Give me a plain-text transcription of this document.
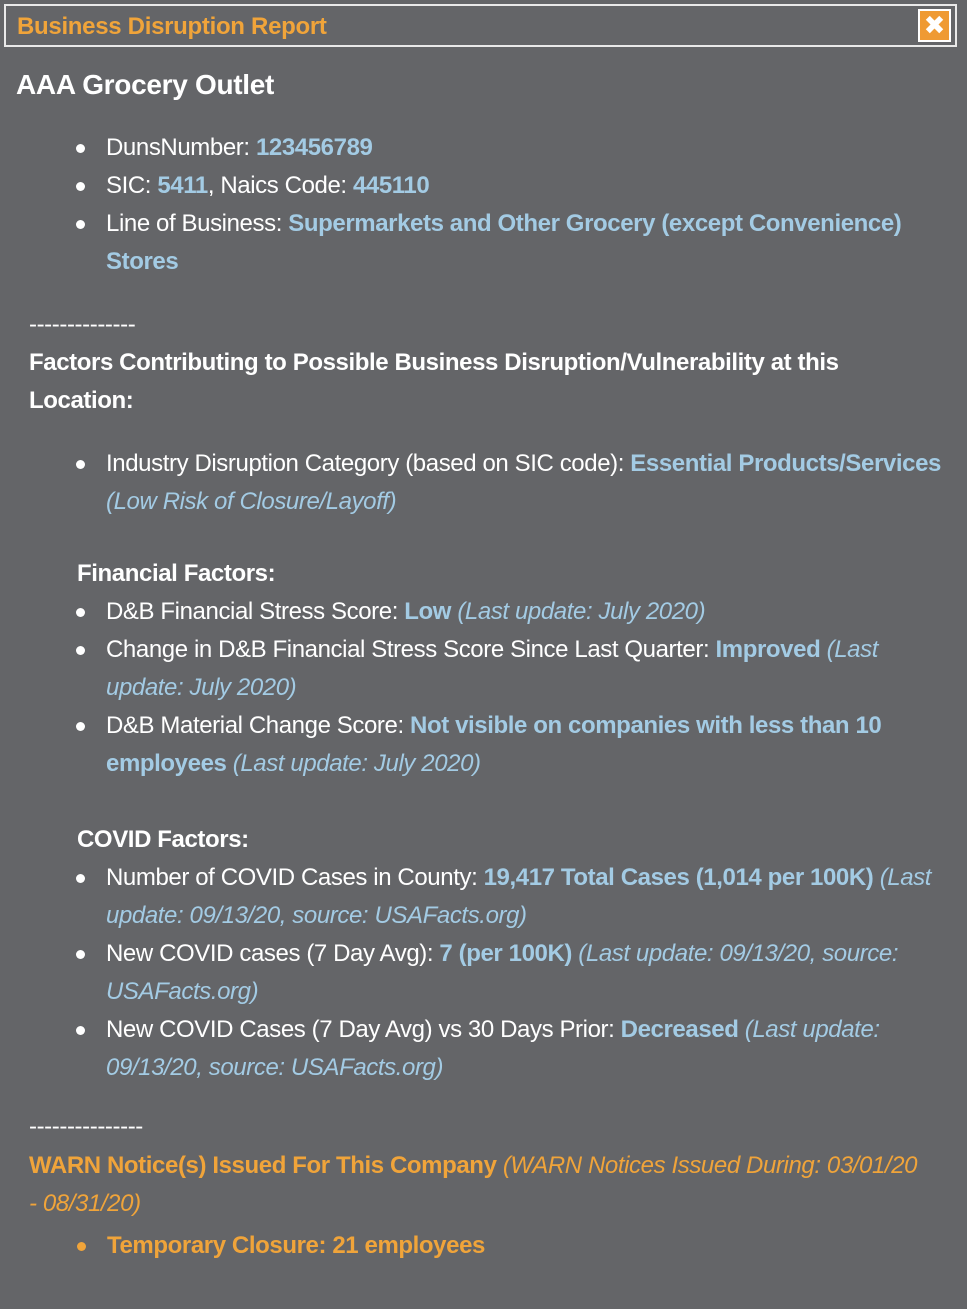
Business Disruption Report	✖
AAA Grocery Outlet
DunsNumber: 123456789
SIC: 5411, Naics Code: 445110
Line of Business: Supermarkets and Other Grocery (except Convenience) Stores
--------------
Factors Contributing to Possible Business Disruption/Vulnerability at this Location:
Industry Disruption Category (based on SIC code): Essential Products/Services (Low Risk of Closure/Layoff)
Financial Factors:
D&B Financial Stress Score: Low (Last update: July 2020)
Change in D&B Financial Stress Score Since Last Quarter: Improved (Last update: July 2020)
D&B Material Change Score: Not visible on companies with less than 10 employees (Last update: July 2020)
COVID Factors:
Number of COVID Cases in County: 19,417 Total Cases (1,014 per 100K) (Last update: 09/13/20, source: USAFacts.org)
New COVID cases (7 Day Avg): 7 (per 100K) (Last update: 09/13/20, source: USAFacts.org)
New COVID Cases (7 Day Avg) vs 30 Days Prior: Decreased (Last update: 09/13/20, source: USAFacts.org)
---------------
WARN Notice(s) Issued For This Company (WARN Notices Issued During: 03/01/20 - 08/31/20)
Temporary Closure: 21 employees
